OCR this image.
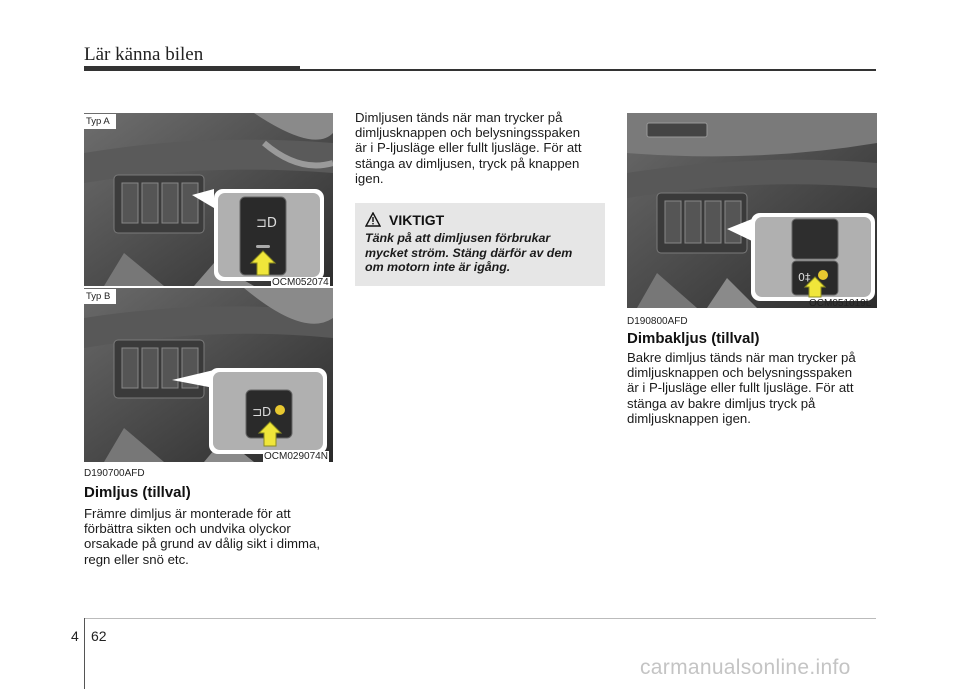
Lär känna bilen
⊐D
Typ A
OCM052074
⊐D
Typ B
OCM029074N
D190700AFD
Dimljus (tillval)
Främre dimljus är monterade för att
förbättra sikten och undvika olyckor
orsakade på grund av dålig sikt i dimma,
regn eller snö etc.
Dimljusen tänds när man trycker på
dimljusknappen och belysningsspaken
är i P-ljusläge eller fullt ljusläge. För att
stänga av dimljusen, tryck på knappen
igen.
VIKTIGT
Tänk på att dimljusen förbrukar
mycket ström. Stäng därför av dem
om motorn inte är igång.
0‡
OCM051019L
D190800AFD
Dimbakljus (tillval)
Bakre dimljus tänds när man trycker på
dimljusknappen och belysningsspaken
är i P-ljusläge eller fullt ljusläge. För att
stänga av bakre dimljus tryck på
dimljusknappen igen.
4 62
carmanualsonline.info
